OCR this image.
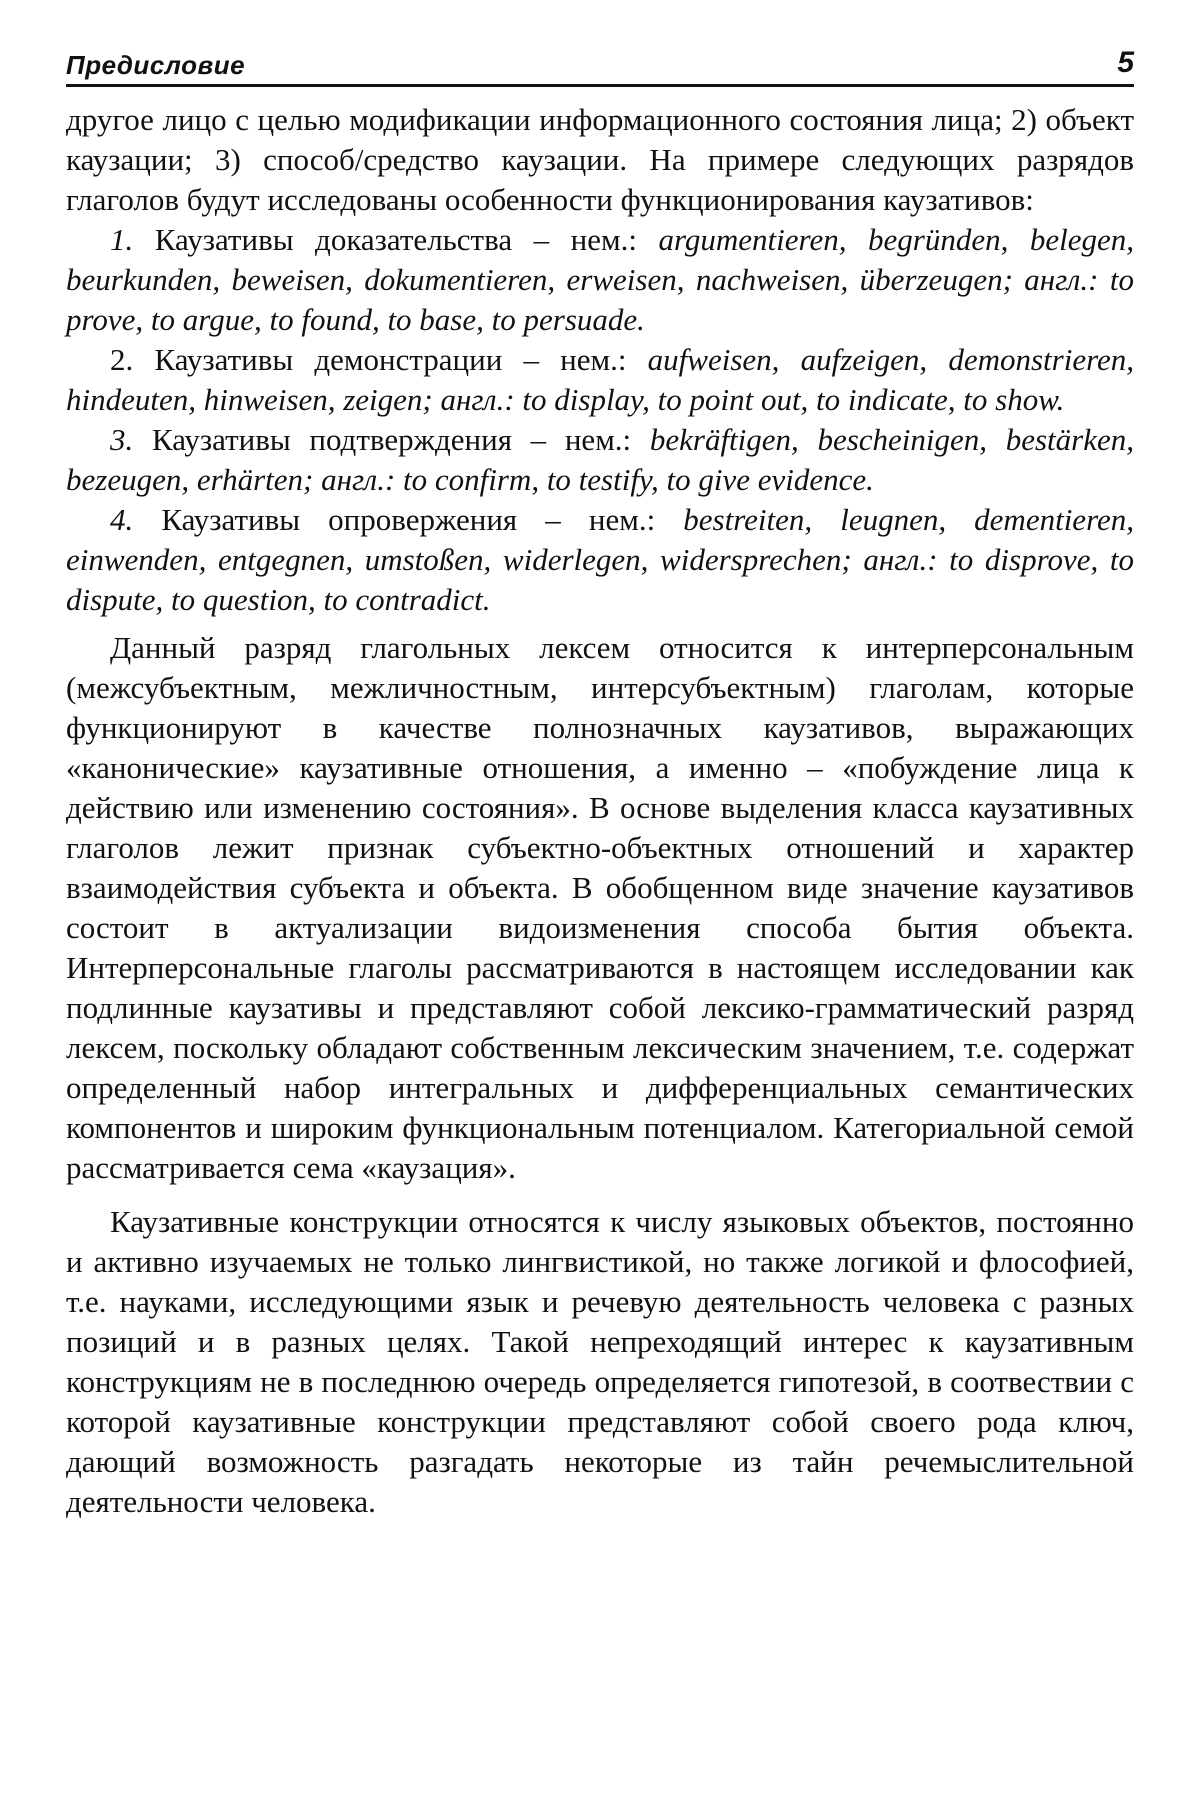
Предисловие	5

другое лицо с целью модификации информационного состояния лица; 2) объект каузации; 3) способ/средство каузации. На примере следующих разрядов глаголов будут исследованы особенности функционирования каузативов:

1. Каузативы доказательства – нем.: argumentieren, begründen, belegen, beurkunden, beweisen, dokumentieren, erweisen, nachweisen, überzeugen; англ.: to prove, to argue, to found, to base, to persuade.

2. Каузативы демонстрации – нем.: aufweisen, aufzeigen, demonstrieren, hindeuten, hinweisen, zeigen; англ.: to display, to point out, to indicate, to show.

3. Каузативы подтверждения – нем.: bekräftigen, bescheinigen, bestärken, bezeugen, erhärten; англ.: to confirm, to testify, to give evidence.

4. Каузативы опровержения – нем.: bestreiten, leugnen, dementieren, einwenden, entgegnen, umstoßen, widerlegen, widersprechen; англ.: to disprove, to dispute, to question, to contradict.

Данный разряд глагольных лексем относится к интерперсональным (межсубъектным, межличностным, интерсубъектным) глаголам, которые функционируют в качестве полнозначных каузативов, выражающих «канонические» каузативные отношения, а именно – «побуждение лица к действию или изменению состояния». В основе выделения класса каузативных глаголов лежит признак субъектно-объектных отношений и характер взаимодействия субъекта и объекта. В обобщенном виде значение каузативов состоит в актуализации видоизменения способа бытия объекта. Интерперсональные глаголы рассматриваются в настоящем исследовании как подлинные каузативы и представляют собой лексико-грамматический разряд лексем, поскольку обладают собственным лексическим значением, т.е. содержат определенный набор интегральных и дифференциальных семантических компонентов и широким функциональным потенциалом. Категориальной семой рассматривается сема «каузация».

Каузативные конструкции относятся к числу языковых объектов, постоянно и активно изучаемых не только лингвистикой, но также логикой и флософией, т.е. науками, исследующими язык и речевую деятельность человека с разных позиций и в разных целях. Такой непреходящий интерес к каузативным конструкциям не в последнюю очередь определяется гипотезой, в соотвествии с которой каузативные конструкции представляют собой своего рода ключ, дающий возможность разгадать некоторые из тайн речемыслительной деятельности человека.
